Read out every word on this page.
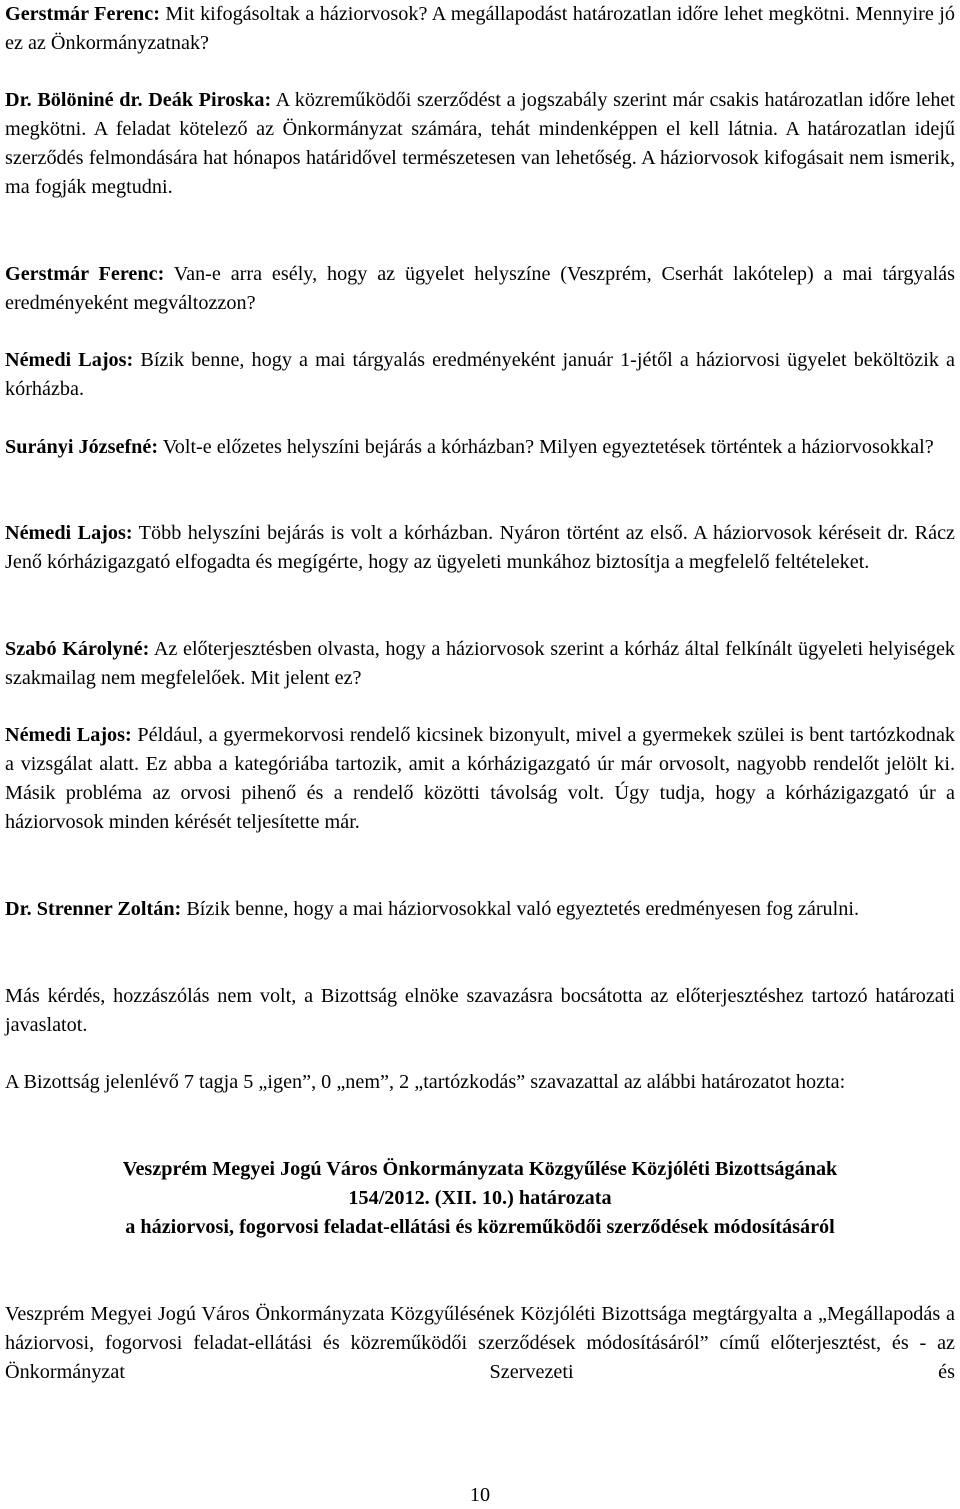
Gerstmár Ferenc: Mit kifogásoltak a háziorvosok? A megállapodást határozatlan időre lehet megkötni. Mennyire jó ez az Önkormányzatnak?

Dr. Bölöniné dr. Deák Piroska: A közreműködői szerződést a jogszabály szerint már csakis határozatlan időre lehet megkötni. A feladat kötelező az Önkormányzat számára, tehát mindenképpen el kell látnia. A határozatlan idejű szerződés felmondására hat hónapos határidővel természetesen van lehetőség. A háziorvosok kifogásait nem ismerik, ma fogják megtudni.

Gerstmár Ferenc: Van-e arra esély, hogy az ügyelet helyszíne (Veszprém, Cserhát lakótelep) a mai tárgyalás eredményeként megváltozzon?

Némedi Lajos: Bízik benne, hogy a mai tárgyalás eredményeként január 1-jétől a háziorvosi ügyelet beköltözik a kórházba.

Surányi Józsefné: Volt-e előzetes helyszíni bejárás a kórházban? Milyen egyeztetések történtek a háziorvosokkal?

Némedi Lajos: Több helyszíni bejárás is volt a kórházban. Nyáron történt az első. A háziorvosok kéréseit dr. Rácz Jenő kórházigazgató elfogadta és megígérte, hogy az ügyeleti munkához biztosítja a megfelelő feltételeket.

Szabó Károlyné: Az előterjesztésben olvasta, hogy a háziorvosok szerint a kórház által felkínált ügyeleti helyiségek szakmailag nem megfelelőek. Mit jelent ez?

Némedi Lajos: Például, a gyermekorvosi rendelő kicsinek bizonyult, mivel a gyermekek szülei is bent tartózkodnak a vizsgálat alatt. Ez abba a kategóriába tartozik, amit a kórházigazgató úr már orvosolt, nagyobb rendelőt jelölt ki. Másik probléma az orvosi pihenő és a rendelő közötti távolság volt. Úgy tudja, hogy a kórházigazgató úr a háziorvosok minden kérését teljesítette már.

Dr. Strenner Zoltán: Bízik benne, hogy a mai háziorvosokkal való egyeztetés eredményesen fog zárulni.

Más kérdés, hozzászólás nem volt, a Bizottság elnöke szavazásra bocsátotta az előterjesztéshez tartozó határozati javaslatot.

A Bizottság jelenlévő 7 tagja 5 „igen”, 0 „nem”, 2 „tartózkodás” szavazattal az alábbi határozatot hozta:

Veszprém Megyei Jogú Város Önkormányzata Közgyűlése Közjóléti Bizottságának
154/2012. (XII. 10.) határozata
a háziorvosi, fogorvosi feladat-ellátási és közreműködői szerződések módosításáról

Veszprém Megyei Jogú Város Önkormányzata Közgyűlésének Közjóléti Bizottsága megtárgyalta a „Megállapodás a háziorvosi, fogorvosi feladat-ellátási és közreműködői szerződések módosításáról” című előterjesztést, és - az Önkormányzat Szervezeti és

10
